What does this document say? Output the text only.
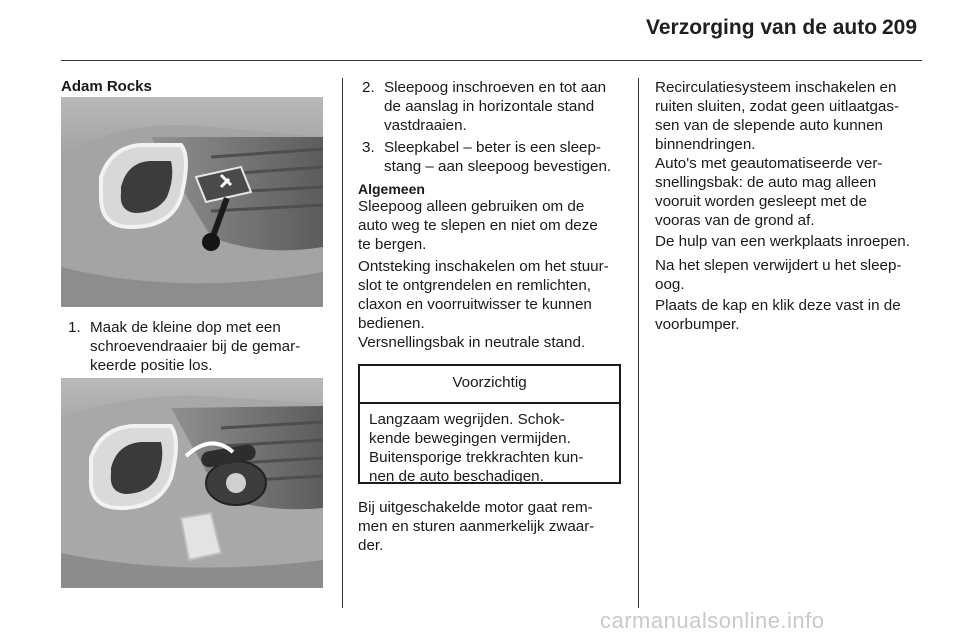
Verzorging van de auto 209
Adam Rocks
1. Maak de kleine dop met een
schroevendraaier bij de gemar-
keerde positie los.
2. Sleepoog inschroeven en tot aan
de aanslag in horizontale stand
vastdraaien.
3. Sleepkabel – beter is een sleep-
stang – aan sleepoog bevestigen.
Algemeen
Sleepoog alleen gebruiken om de
auto weg te slepen en niet om deze
te bergen.
Ontsteking inschakelen om het stuur-
slot te ontgrendelen en remlichten,
claxon en voorruitwisser te kunnen
bedienen.
Versnellingsbak in neutrale stand.
Voorzichtig
Langzaam wegrijden. Schok-
kende bewegingen vermijden.
Buitensporige trekkrachten kun-
nen de auto beschadigen.
Bij uitgeschakelde motor gaat rem-
men en sturen aanmerkelijk zwaar-
der.
Recirculatiesysteem inschakelen en
ruiten sluiten, zodat geen uitlaatgas-
sen van de slepende auto kunnen
binnendringen.
Auto's met geautomatiseerde ver-
snellingsbak: de auto mag alleen
vooruit worden gesleept met de
vooras van de grond af.
De hulp van een werkplaats inroepen.
Na het slepen verwijdert u het sleep-
oog.
Plaats de kap en klik deze vast in de
voorbumper.
carmanualsonline.info
